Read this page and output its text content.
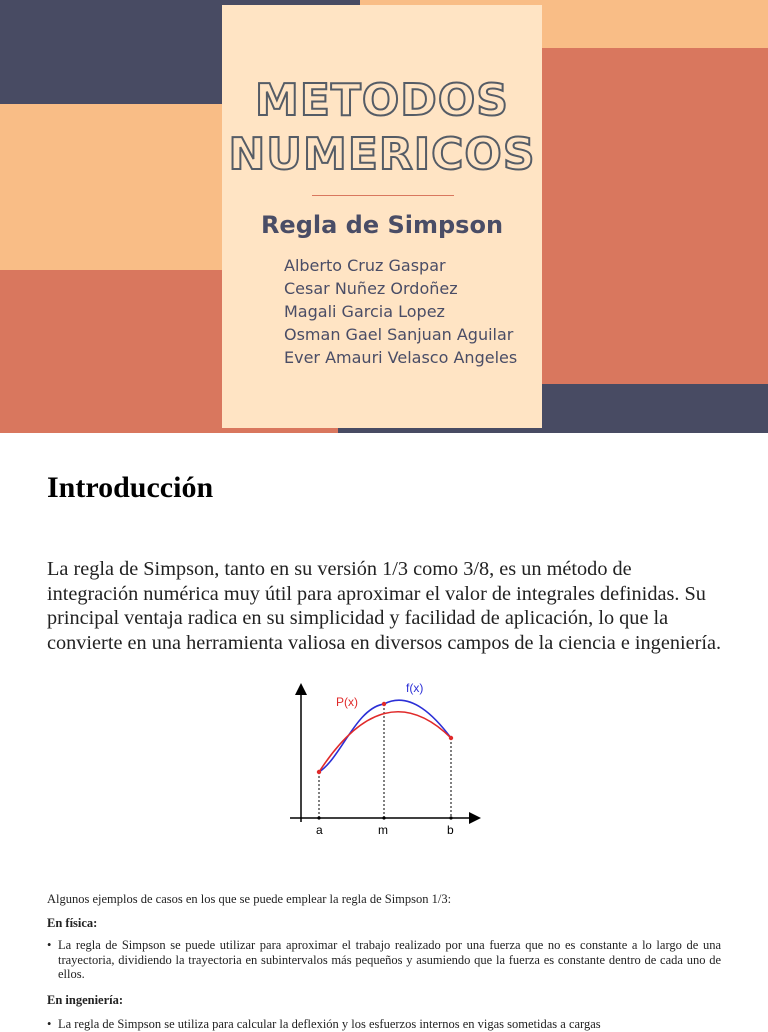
METODOS
NUMERICOS
Regla de Simpson
Alberto Cruz Gaspar
Cesar Nuñez Ordoñez
Magali Garcia Lopez
Osman Gael Sanjuan Aguilar
Ever Amauri Velasco Angeles
Introducción

La regla de Simpson, tanto en su versión 1/3 como 3/8, es un método de integración numérica muy útil para aproximar el valor de integrales definidas. Su principal ventaja radica en su simplicidad y facilidad de aplicación, lo que la convierte en una herramienta valiosa en diversos campos de la ciencia e ingeniería.

f(x)
P(x)
a	m	b

Algunos ejemplos de casos en los que se puede emplear la regla de Simpson 1/3:

En física:

• La regla de Simpson se puede utilizar para aproximar el trabajo realizado por una fuerza que no es constante a lo largo de una trayectoria, dividiendo la trayectoria en subintervalos más pequeños y asumiendo que la fuerza es constante dentro de cada uno de ellos.

En ingeniería:

• La regla de Simpson se utiliza para calcular la deflexión y los esfuerzos internos en vigas sometidas a cargas
